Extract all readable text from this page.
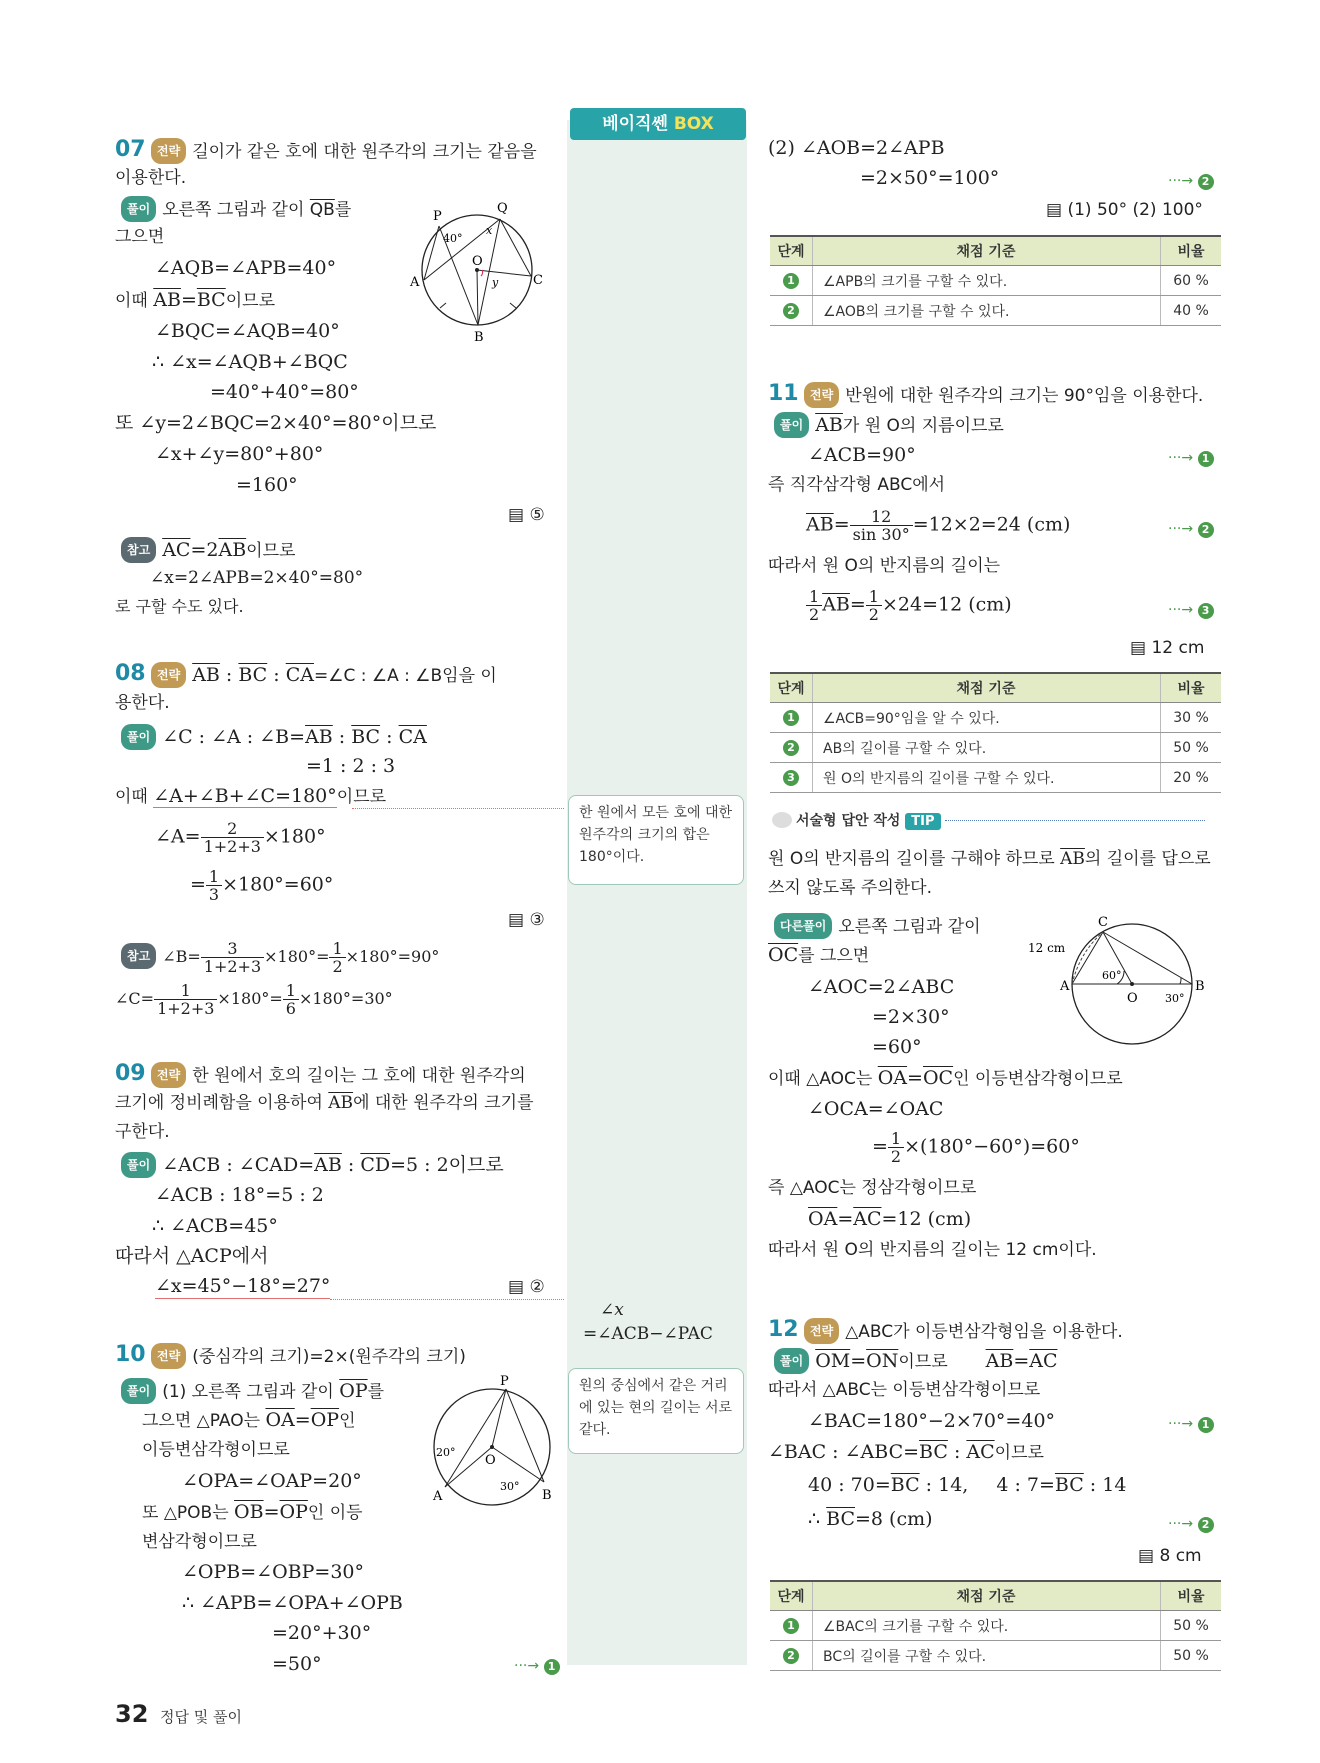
베이직쎈 BOX
한 원에서 모든 호에 대한 원주각의 크기의 합은 180°이다.
∠x
=∠ACB−∠PAC
원의 중심에서 같은 거리에 있는 현의 길이는 서로 같다.
07 전략 길이가 같은 호에 대한 원주각의 크기는 같음을
이용한다.
풀이 오른쪽 그림과 같이 $\overline{QB}$를
그으면
∠AQB=∠APB=40°
이때 $\overline{AB}=\overline{BC}$이므로
∠BQC=∠AQB=40°
∴ ∠x=∠AQB+∠BQC
=40°+40°=80°
또 ∠y=2∠BQC=2×40°=80°이므로
∠x+∠y=80°+80°
=160°
▤ ⑤
P
Q
O
A
B
C
40°
x
y
참고 $\overline{AC}=2\overline{AB}$이므로
∠x=2∠APB=2×40°=80°
로 구할 수도 있다.
08 전략 $\overline{AB}$ : $\overline{BC}$ : $\overline{CA}=\angle C$ : ∠A : ∠B임을 이
용한다.
풀이 ∠C : ∠A : $\angle B=\overline{AB}$ : $\overline{BC}$ : $\overline{CA}$
=1 : 2 : 3
이때 ∠A+∠B+∠C=180°이므로
∠A= $\frac{2}{1+2+3} \times 180^\circ$
= $\frac{1}{3} \times 180^\circ=60^\circ$
▤ ③
참고 ∠B= $\frac{3}{1+2+3} \times 180^\circ= \frac{1}{2} \times 180^\circ=90^\circ$
∠C= $\frac{1}{1+2+3} \times 180^\circ= \frac{1}{6} \times 180^\circ=30^\circ$
09 전략 한 원에서 호의 길이는 그 호에 대한 원주각의
크기에 정비례함을 이용하여 $\overline{AB}$에 대한 원주각의 크기를
구한다.
풀이 ∠ACB : $\angle CAD=\overline{AB}$ : $\overline{CD}=5$ : 2이므로
∠ACB : 18°=5 : 2
∴ ∠ACB=45°
따라서 △ACP에서
∠x=45°−18°=27°	▤ ②
10 전략 (중심각의 크기)=2×(원주각의 크기)
풀이 (1) 오른쪽 그림과 같이 $\overline{OP}$를
그으면 △PAO는 $\overline{OA}=\overline{OP}$인
이등변삼각형이므로
∠OPA=∠OAP=20°
또 △POB는 $\overline{OB}=\overline{OP}$인 이등
변삼각형이므로
∠OPB=∠OBP=30°
∴ ∠APB=∠OPA+∠OPB
=20°+30°
=50°	···→ 1
P
A	B
O
20°
30°
32 정답 및 풀이
(2) ∠AOB=2∠APB
=2×50°=100°	···→ 2
▤ (1) 50° (2) 100°
단계	채점 기준	비율
1	∠APB의 크기를 구할 수 있다.	60 %
2	∠AOB의 크기를 구할 수 있다.	40 %
11 전략 반원에 대한 원주각의 크기는 90°임을 이용한다.
풀이 $\overline{AB}$가 원 O의 지름이므로
∠ACB=90°	···→ 1
즉 직각삼각형 ABC에서
$\overline{AB}= \frac{12}{\sin 30^\circ} =12\times 2=24$ (cm)	···→ 2
따라서 원 O의 반지름의 길이는
$\frac{1}{2} \overline{AB}= \frac{1}{2} \times 24=12$ (cm)	···→ 3
▤ 12 cm
단계	채점 기준	비율
1	∠ACB=90°임을 알 수 있다.	30 %
2	AB의 길이를 구할 수 있다.	50 %
3	원 O의 반지름의 길이를 구할 수 있다.	20 %
서술형 답안 작성 TIP
원 O의 반지름의 길이를 구해야 하므로 $\overline{AB}$의 길이를 답으로
쓰지 않도록 주의한다.
다른풀이 오른쪽 그림과 같이
$\overline{OC}$를 그으면
∠AOC=2∠ABC
=2×30°
=60°
이때 △AOC는 $\overline{OA}=\overline{OC}$인 이등변삼각형이므로
∠OCA=∠OAC
= $\frac{1}{2} \times(180^\circ-60^\circ)=60^\circ$
즉 △AOC는 정삼각형이므로
$\overline{OA}=\overline{AC}=12$ (cm)
따라서 원 O의 반지름의 길이는 12 cm이다.
C
A	B
O
12 cm
60°
30°
12 전략 △ABC가 이등변삼각형임을 이용한다.
풀이 $\overline{OM}=\overline{ON}$이므로 $\overline{AB}=\overline{AC}$
따라서 △ABC는 이등변삼각형이므로
∠BAC=180°−2×70°=40°	···→ 1
∠BAC : $\angle ABC=\overline{BC}$ : $\overline{AC}$이므로
40 : $70=\overline{BC}$ : 14, 4 : $7=\overline{BC}$ : 14
∴ $\overline{BC}=8$ (cm)	···→ 2
▤ 8 cm
단계	채점 기준	비율
1	∠BAC의 크기를 구할 수 있다.	50 %
2	BC의 길이를 구할 수 있다.	50 %
